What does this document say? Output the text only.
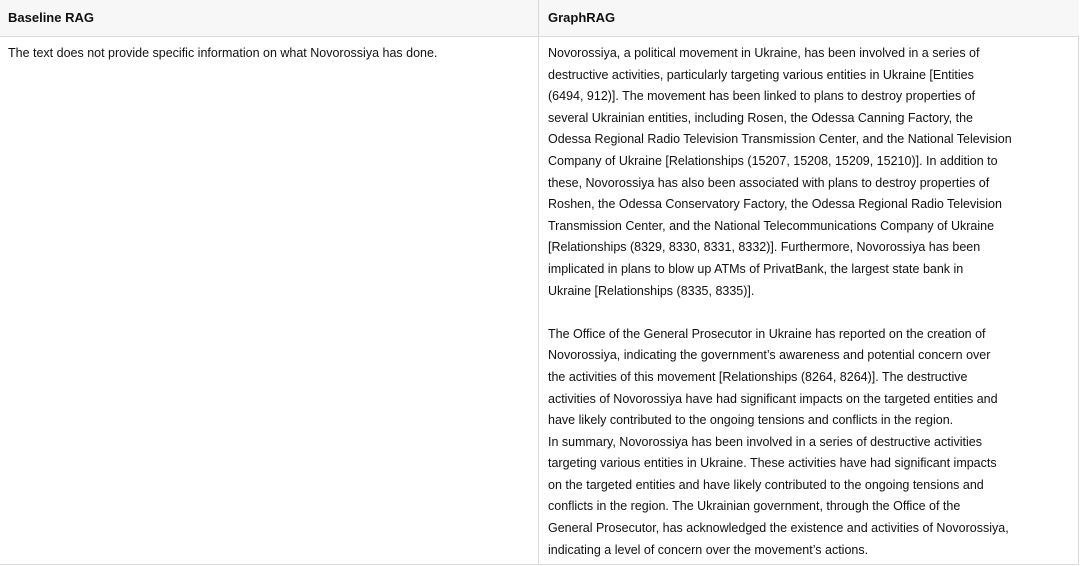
Baseline RAG	GraphRAG
The text does not provide specific information on what Novorossiya has done.	Novorossiya, a political movement in Ukraine, has been involved in a series of
destructive activities, particularly targeting various entities in Ukraine [Entities
(6494, 912)]. The movement has been linked to plans to destroy properties of
several Ukrainian entities, including Rosen, the Odessa Canning Factory, the
Odessa Regional Radio Television Transmission Center, and the National Television
Company of Ukraine [Relationships (15207, 15208, 15209, 15210)]. In addition to
these, Novorossiya has also been associated with plans to destroy properties of
Roshen, the Odessa Conservatory Factory, the Odessa Regional Radio Television
Transmission Center, and the National Telecommunications Company of Ukraine
[Relationships (8329, 8330, 8331, 8332)]. Furthermore, Novorossiya has been
implicated in plans to blow up ATMs of PrivatBank, the largest state bank in
Ukraine [Relationships (8335, 8335)].
The Office of the General Prosecutor in Ukraine has reported on the creation of
Novorossiya, indicating the government’s awareness and potential concern over
the activities of this movement [Relationships (8264, 8264)]. The destructive
activities of Novorossiya have had significant impacts on the targeted entities and
have likely contributed to the ongoing tensions and conflicts in the region.
In summary, Novorossiya has been involved in a series of destructive activities
targeting various entities in Ukraine. These activities have had significant impacts
on the targeted entities and have likely contributed to the ongoing tensions and
conflicts in the region. The Ukrainian government, through the Office of the
General Prosecutor, has acknowledged the existence and activities of Novorossiya,
indicating a level of concern over the movement’s actions.
